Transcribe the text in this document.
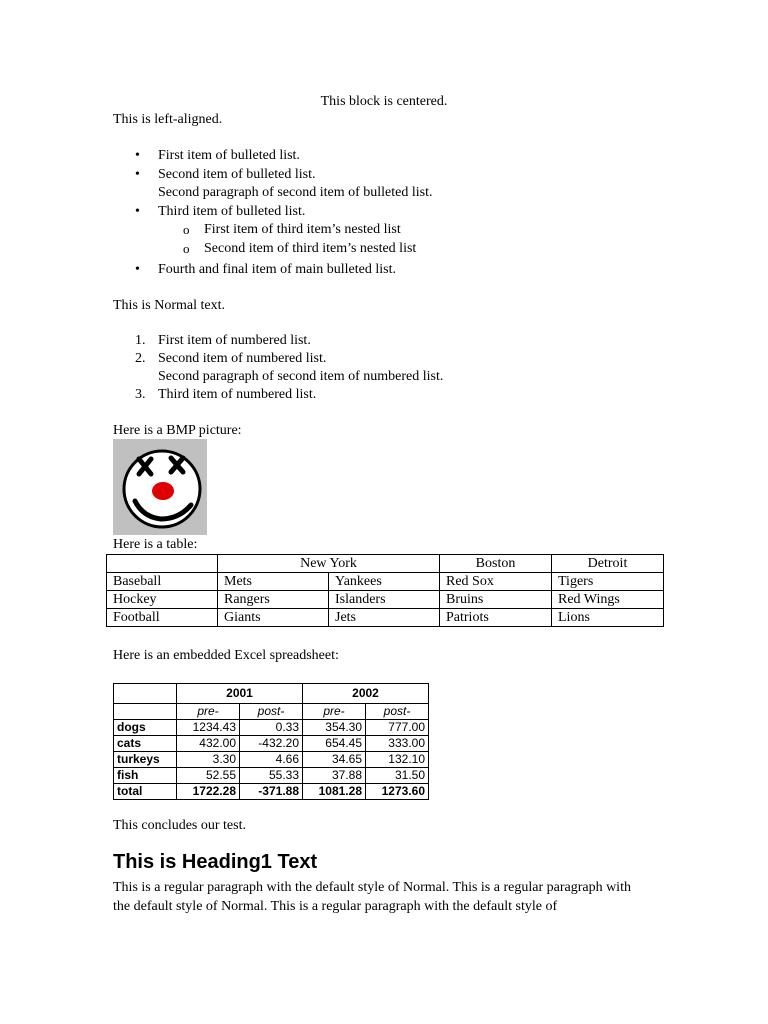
This block is centered.
This is left-aligned.
• First item of bulleted list.
• Second item of bulleted list.
Second paragraph of second item of bulleted list.
• Third item of bulleted list.
o First item of third item’s nested list
o Second item of third item’s nested list
• Fourth and final item of main bulleted list.
This is Normal text.
1. First item of numbered list.
2. Second item of numbered list.
Second paragraph of second item of numbered list.
3. Third item of numbered list.
Here is a BMP picture:
Here is a table:
	New York		Boston	Detroit
Baseball	Mets	Yankees	Red Sox	Tigers
Hockey	Rangers	Islanders	Bruins	Red Wings
Football	Giants	Jets	Patriots	Lions
Here is an embedded Excel spreadsheet:
	2001		2002	
	pre-	post-	pre-	post-
dogs	1234.43	0.33	354.30	777.00
cats	432.00	-432.20	654.45	333.00
turkeys	3.30	4.66	34.65	132.10
fish	52.55	55.33	37.88	31.50
total	1722.28	-371.88	1081.28	1273.60
This concludes our test.
This is Heading1 Text
This is a regular paragraph with the default style of Normal. This is a regular paragraph with the default style of Normal. This is a regular paragraph with the default style of
